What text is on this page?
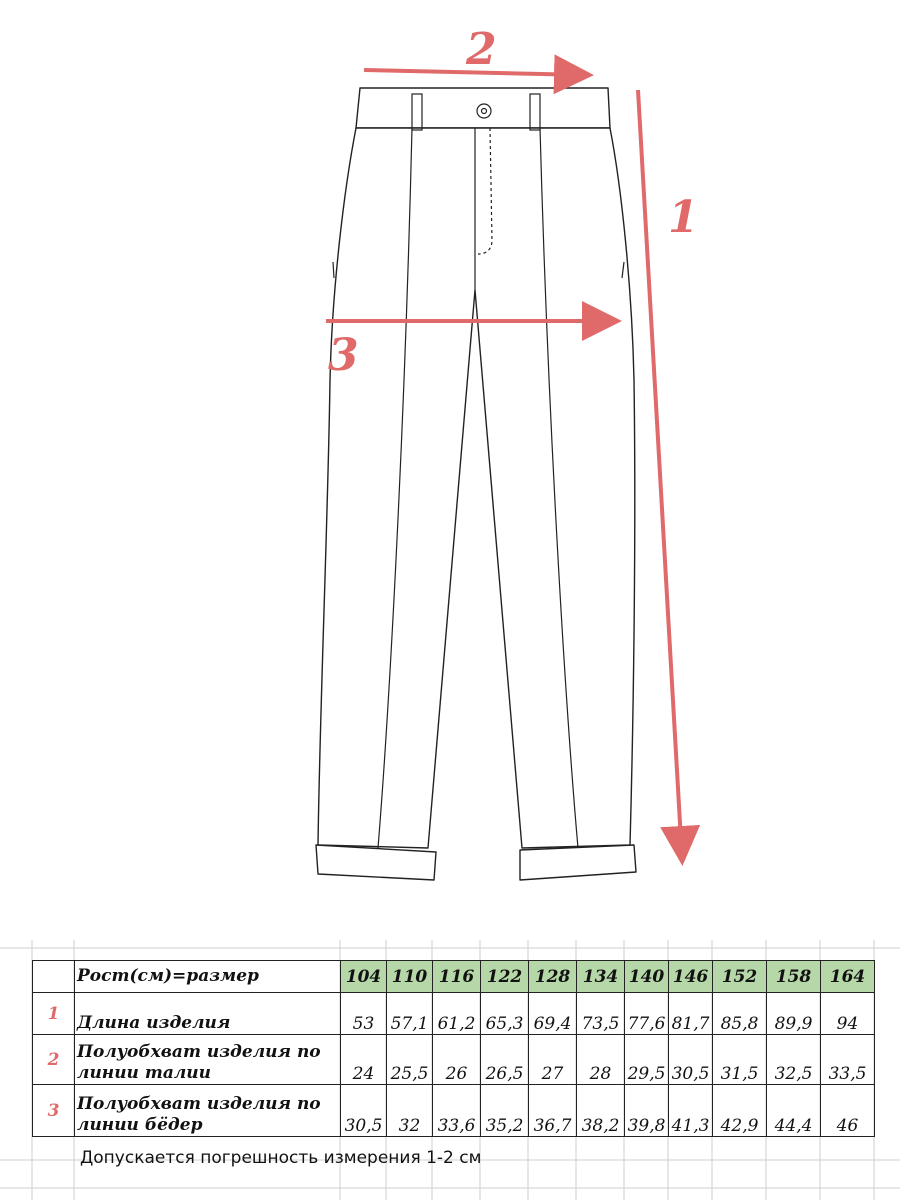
2
1
3
	Рост(см)=размер	104	110	116	122	128	134	140	146	152	158	164
1	Длина изделия	53	57,1	61,2	65,3	69,4	73,5	77,6	81,7	85,8	89,9	94
2	Полуобхват изделия по линии талии	24	25,5	26	26,5	27	28	29,5	30,5	31,5	32,5	33,5
3	Полуобхват изделия по линии бёдер	30,5	32	33,6	35,2	36,7	38,2	39,8	41,3	42,9	44,4	46
Допускается погрешность измерения 1-2 см
